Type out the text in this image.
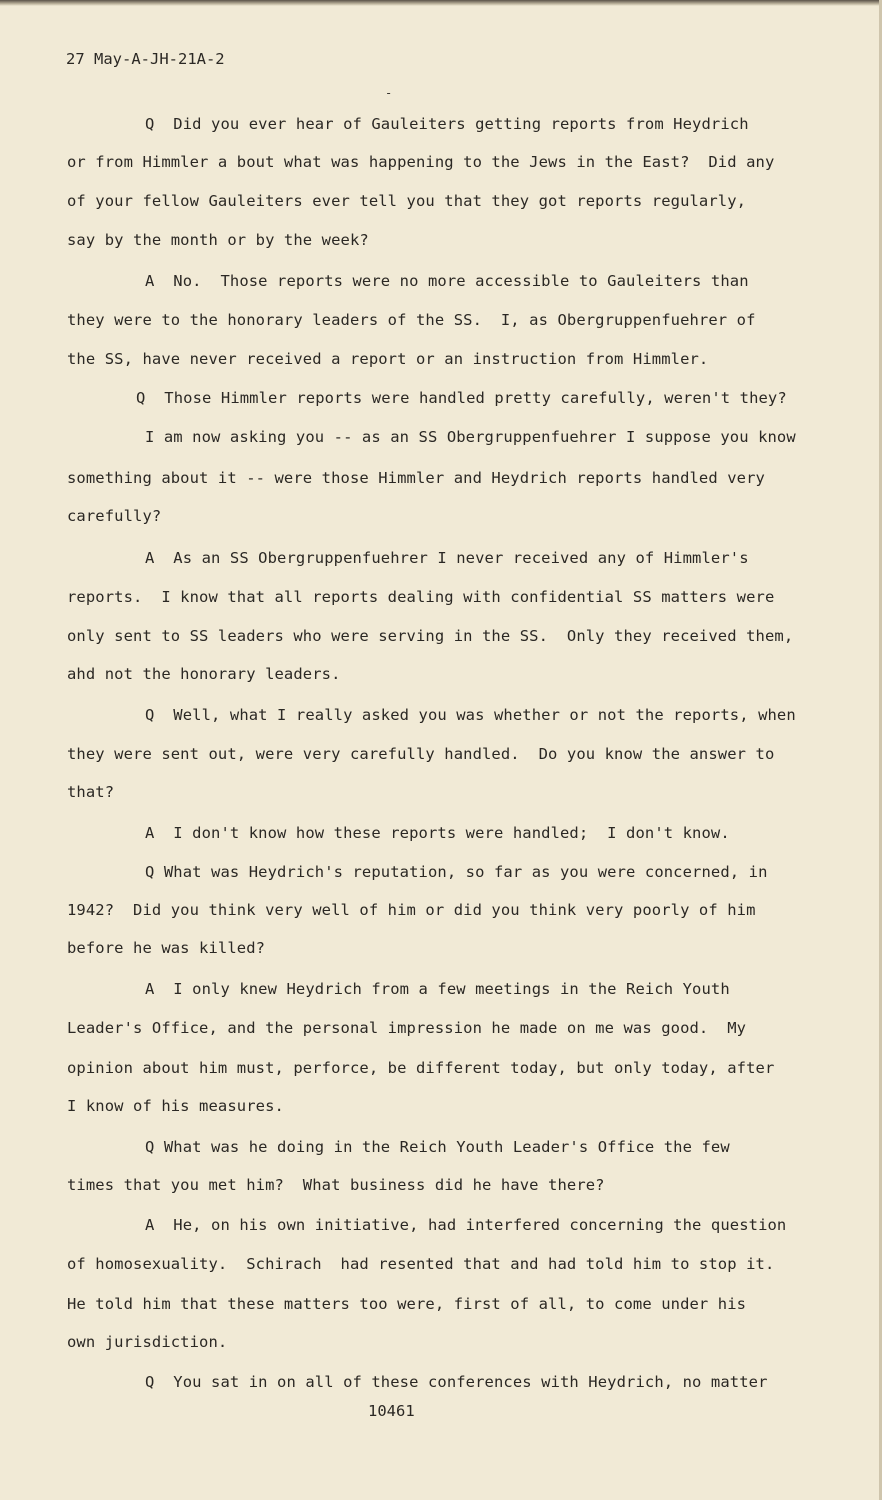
27 May-A-JH-21A-2
-
Q  Did you ever hear of Gauleiters getting reports from Heydrich
or from Himmler a bout what was happening to the Jews in the East?  Did any
of your fellow Gauleiters ever tell you that they got reports regularly,
say by the month or by the week?
A  No.  Those reports were no more accessible to Gauleiters than
they were to the honorary leaders of the SS.  I, as Obergruppenfuehrer of
the SS, have never received a report or an instruction from Himmler.
Q  Those Himmler reports were handled pretty carefully, weren't they?
I am now asking you -- as an SS Obergruppenfuehrer I suppose you know
something about it -- were those Himmler and Heydrich reports handled very
carefully?
A  As an SS Obergruppenfuehrer I never received any of Himmler's
reports.  I know that all reports dealing with confidential SS matters were
only sent to SS leaders who were serving in the SS.  Only they received them,
ahd not the honorary leaders.
Q  Well, what I really asked you was whether or not the reports, when
they were sent out, were very carefully handled.  Do you know the answer to
that?
A  I don't know how these reports were handled;  I don't know.
Q What was Heydrich's reputation, so far as you were concerned, in
1942?  Did you think very well of him or did you think very poorly of him
before he was killed?
A  I only knew Heydrich from a few meetings in the Reich Youth
Leader's Office, and the personal impression he made on me was good.  My
opinion about him must, perforce, be different today, but only today, after
I know of his measures.
Q What was he doing in the Reich Youth Leader's Office the few
times that you met him?  What business did he have there?
A  He, on his own initiative, had interfered concerning the question
of homosexuality.  Schirach  had resented that and had told him to stop it.
He told him that these matters too were, first of all, to come under his
own jurisdiction.
Q  You sat in on all of these conferences with Heydrich, no matter
10461
